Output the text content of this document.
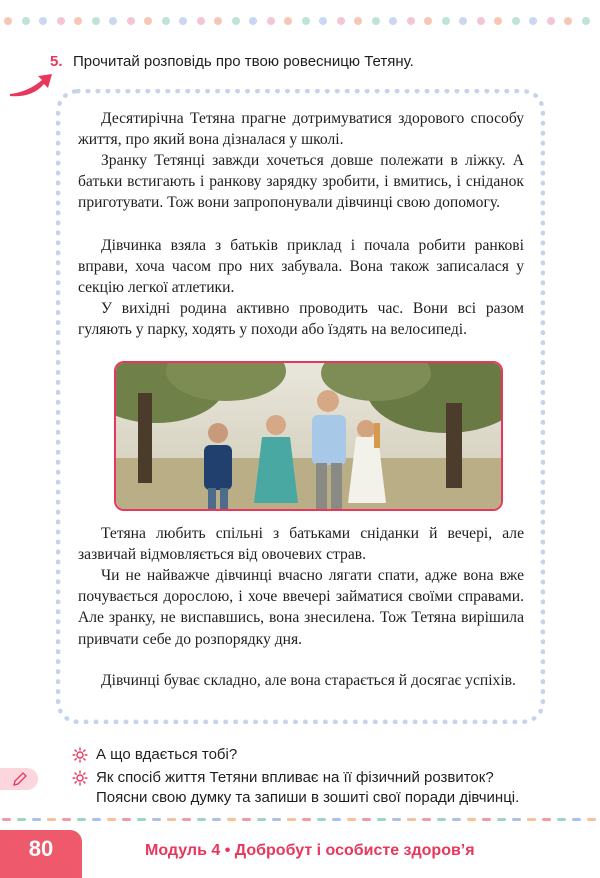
5. Прочитай розповідь про твою ровесницю Тетяну.

Десятирічна Тетяна прагне дотримуватися здорового способу життя, про який вона дізналася у школі.

Зранку Тетянці завжди хочеться довше полежати в ліжку. А батьки встигають і ранкову зарядку зробити, і вмитись, і сніданок приготувати. Тож вони запропонували дівчинці свою допомогу.

Дівчинка взяла з батьків приклад і почала робити ранкові вправи, хоча часом про них забувала. Вона також записалася у секцію легкої атлетики.

У вихідні родина активно проводить час. Вони всі разом гуляють у парку, ходять у походи або їздять на велосипеді.

Тетяна любить спільні з батьками сніданки й вечері, але зазвичай відмовляється від овочевих страв.

Чи не найважче дівчинці вчасно лягати спати, адже вона вже почувається дорослою, і хоче ввечері займатися своїми справами. Але зранку, не виспавшись, вона знесилена. Тож Тетяна вирішила привчати себе до розпорядку дня.

Дівчинці буває складно, але вона старається й досягає успіхів.

А що вдається тобі?
Як спосіб життя Тетяни впливає на її фізичний розвиток? Поясни свою думку та запиши в зошиті свої поради дівчинці.
80	Модуль 4 • Добробут і особисте здоров’я
